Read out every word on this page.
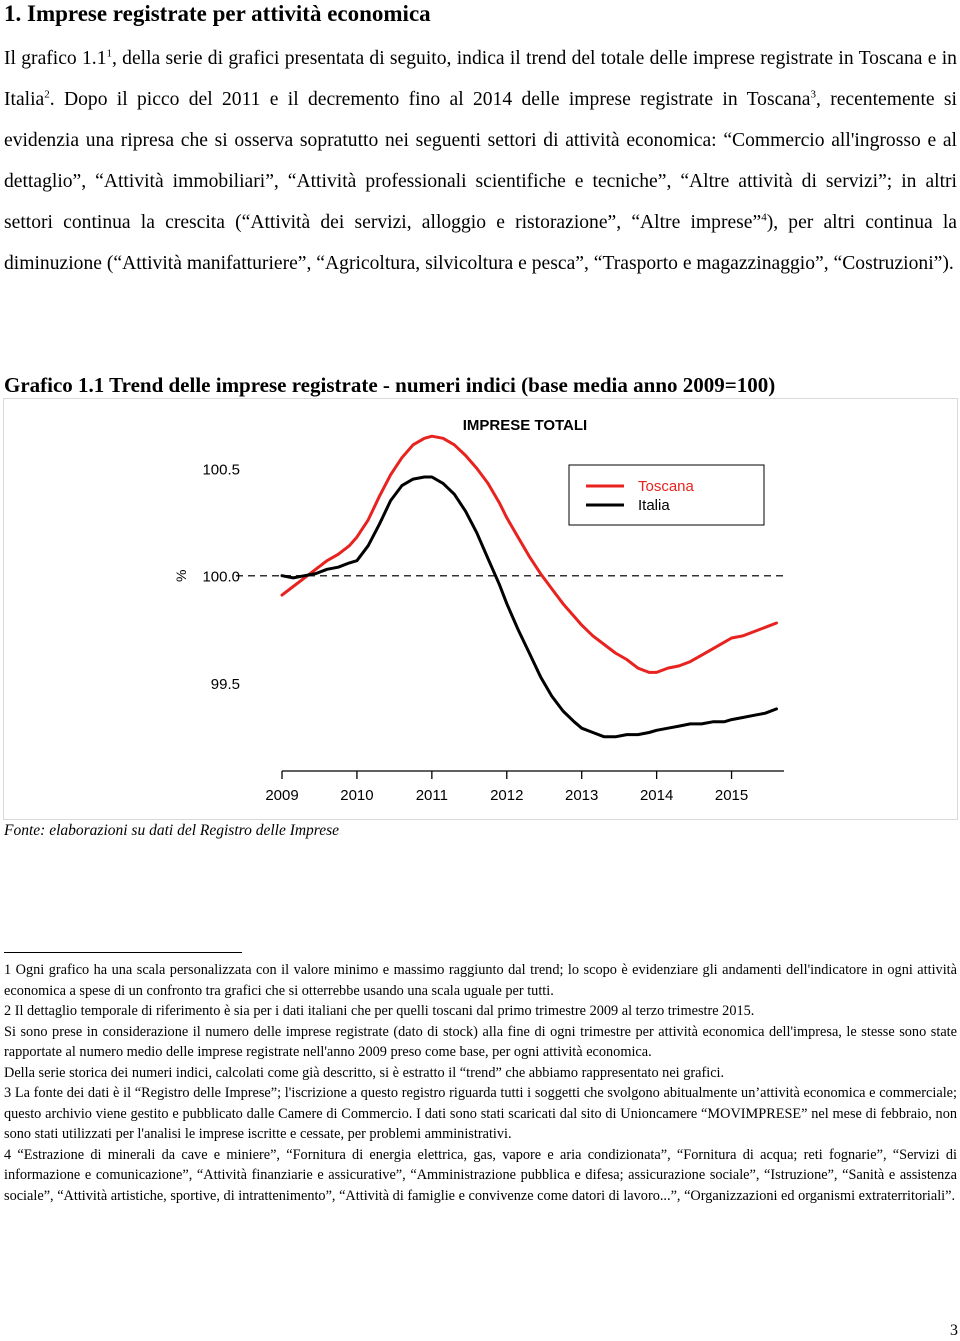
1. Imprese registrate per attività economica
Il grafico $1.1^1$, della serie di grafici presentata di seguito, indica il trend del totale delle imprese registrate in Toscana e in Italia$^2$. Dopo il picco del 2011 e il decremento fino al 2014 delle imprese registrate in Toscana$^3$, recentemente si evidenzia una ripresa che si osserva sopratutto nei seguenti settori di attività economica: “Commercio all'ingrosso e al dettaglio”, “Attività immobiliari”, “Attività professionali scientifiche e tecniche”, “Altre attività di servizi”; in altri settori continua la crescita (“Attività dei servizi, alloggio e ristorazione”, “Altre imprese”$^4$), per altri continua la diminuzione (“Attività manifatturiere”, “Agricoltura, silvicoltura e pesca”, “Trasporto e magazzinaggio”, “Costruzioni”).
Grafico 1.1 Trend delle imprese registrate - numeri indici (base media anno 2009=100)
IMPRESE TOTALI
100.5
100.0
99.5
%
2009	2010	2011	2012	2013	2014	2015
Toscana
Italia
Fonte: elaborazioni su dati del Registro delle Imprese

1 Ogni grafico ha una scala personalizzata con il valore minimo e massimo raggiunto dal trend; lo scopo è evidenziare gli andamenti dell'indicatore in ogni attività economica a spese di un confronto tra grafici che si otterrebbe usando una scala uguale per tutti.

2 Il dettaglio temporale di riferimento è sia per i dati italiani che per quelli toscani dal primo trimestre 2009 al terzo trimestre 2015.

Si sono prese in considerazione il numero delle imprese registrate (dato di stock) alla fine di ogni trimestre per attività economica dell'impresa, le stesse sono state rapportate al numero medio delle imprese registrate nell'anno 2009 preso come base, per ogni attività economica.

Della serie storica dei numeri indici, calcolati come già descritto, si è estratto il “trend” che abbiamo rappresentato nei grafici.

3 La fonte dei dati è il “Registro delle Imprese”; l'iscrizione a questo registro riguarda tutti i soggetti che svolgono abitualmente un’attività economica e commerciale; questo archivio viene gestito e pubblicato dalle Camere di Commercio. I dati sono stati scaricati dal sito di Unioncamere “MOVIMPRESE” nel mese di febbraio, non sono stati utilizzati per l'analisi le imprese iscritte e cessate, per problemi amministrativi.

4 “Estrazione di minerali da cave e miniere”, “Fornitura di energia elettrica, gas, vapore e aria condizionata”, “Fornitura di acqua; reti fognarie”, “Servizi di informazione e comunicazione”, “Attività finanziarie e assicurative”, “Amministrazione pubblica e difesa; assicurazione sociale”, “Istruzione”, “Sanità e assistenza sociale”, “Attività artistiche, sportive, di intrattenimento”, “Attività di famiglie e convivenze come datori di lavoro...”, “Organizzazioni ed organismi extraterritoriali”.

3
